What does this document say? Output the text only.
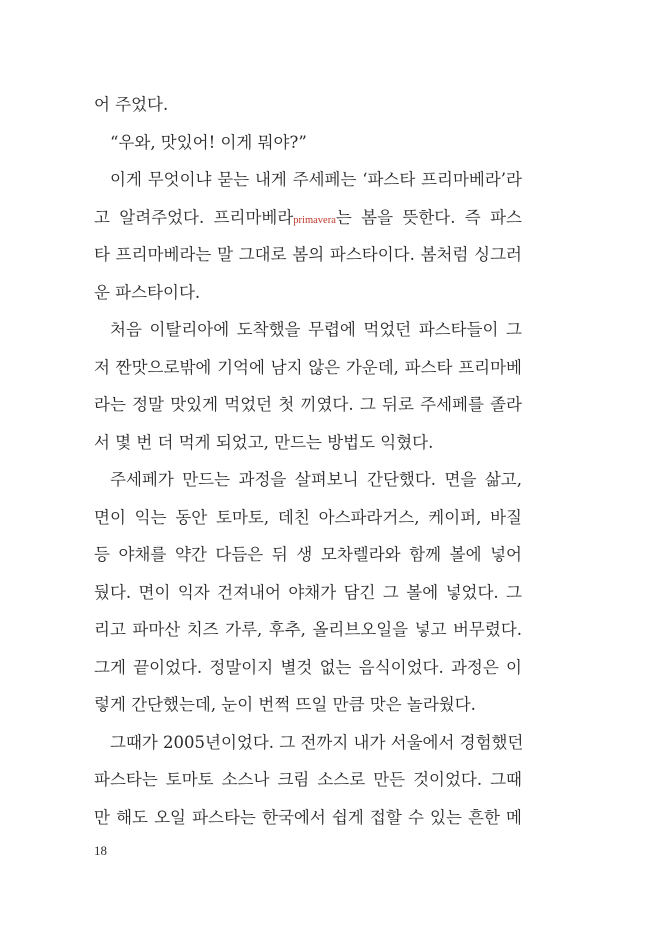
어 주었다.
“우와, 맛있어! 이게 뭐야?”
이게 무엇이냐 묻는 내게 주세페는 ‘파스타 프리마베라’라
고 알려주었다. 프리마베라primavera는 봄을 뜻한다. 즉 파스
타 프리마베라는 말 그대로 봄의 파스타이다. 봄처럼 싱그러
운 파스타이다.
처음 이탈리아에 도착했을 무렵에 먹었던 파스타들이 그
저 짠맛으로밖에 기억에 남지 않은 가운데, 파스타 프리마베
라는 정말 맛있게 먹었던 첫 끼였다. 그 뒤로 주세페를 졸라
서 몇 번 더 먹게 되었고, 만드는 방법도 익혔다.
주세페가 만드는 과정을 살펴보니 간단했다. 면을 삶고,
면이 익는 동안 토마토, 데친 아스파라거스, 케이퍼, 바질
등 야채를 약간 다듬은 뒤 생 모차렐라와 함께 볼에 넣어
뒀다. 면이 익자 건져내어 야채가 담긴 그 볼에 넣었다. 그
리고 파마산 치즈 가루, 후추, 올리브오일을 넣고 버무렸다.
그게 끝이었다. 정말이지 별것 없는 음식이었다. 과정은 이
렇게 간단했는데, 눈이 번쩍 뜨일 만큼 맛은 놀라웠다.
그때가 2005년이었다. 그 전까지 내가 서울에서 경험했던
파스타는 토마토 소스나 크림 소스로 만든 것이었다. 그때
만 해도 오일 파스타는 한국에서 쉽게 접할 수 있는 흔한 메
18
